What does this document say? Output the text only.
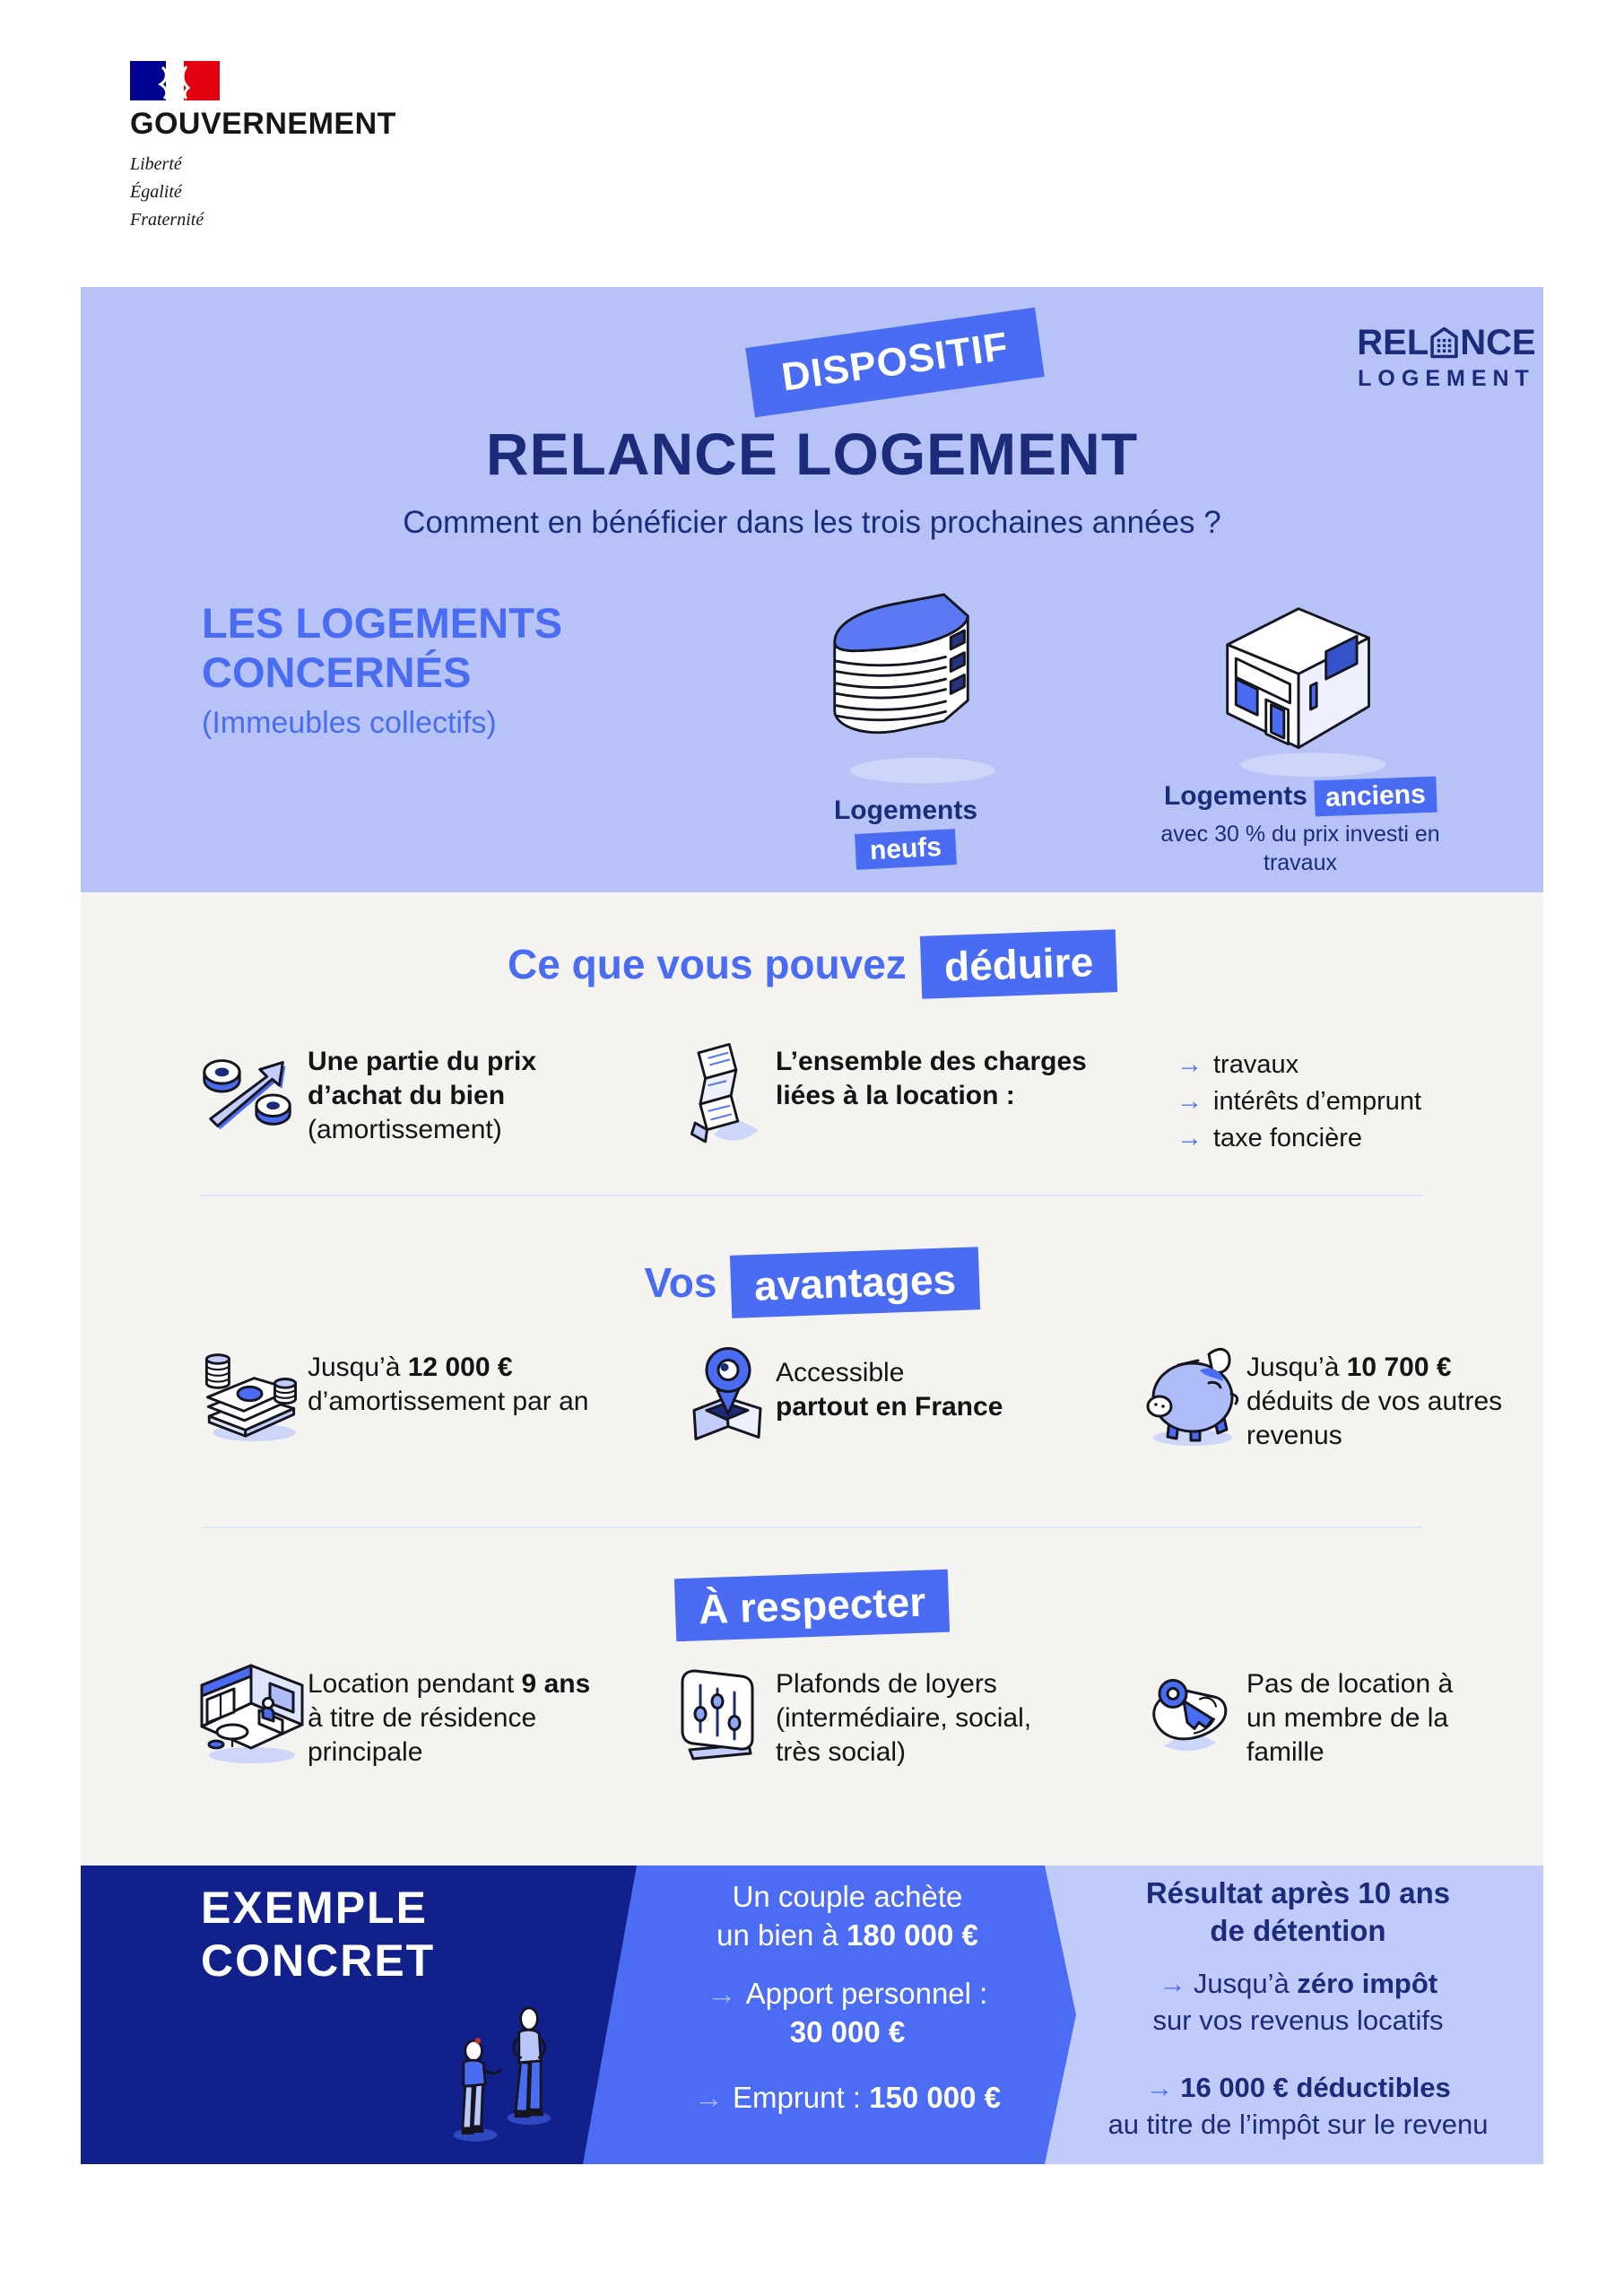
GOUVERNEMENT
Liberté
Égalité
Fraternité
DISPOSITIF
RELANCE LOGEMENT
Comment en bénéficier dans les trois prochaines années ?
REL NCE
LOGEMENT
LES LOGEMENTS
CONCERNÉS
(Immeubles collectifs)
Logements
neufs
Logements anciens
avec 30 % du prix investi en travaux
Ce que vous pouvez déduire
Une partie du prix d’achat du bien
(amortissement)
L’ensemble des charges liées à la location :
→ travaux
→ intérêts d’emprunt
→ taxe foncière
Vos avantages
Jusqu’à 12 000 € d’amortissement par an
Accessible
partout en France
Jusqu’à 10 700 € déduits de vos autres revenus
À respecter
Location pendant 9 ans à titre de résidence principale
Plafonds de loyers (intermédiaire, social, très social)
Pas de location à un membre de la famille
EXEMPLE
CONCRET
Un couple achète
un bien à 180 000 €
→ Apport personnel :
30 000 €
→ Emprunt : 150 000 €
Résultat après 10 ans
de détention
→ Jusqu’à zéro impôt
sur vos revenus locatifs
→ 16 000 € déductibles
au titre de l’impôt sur le revenu
